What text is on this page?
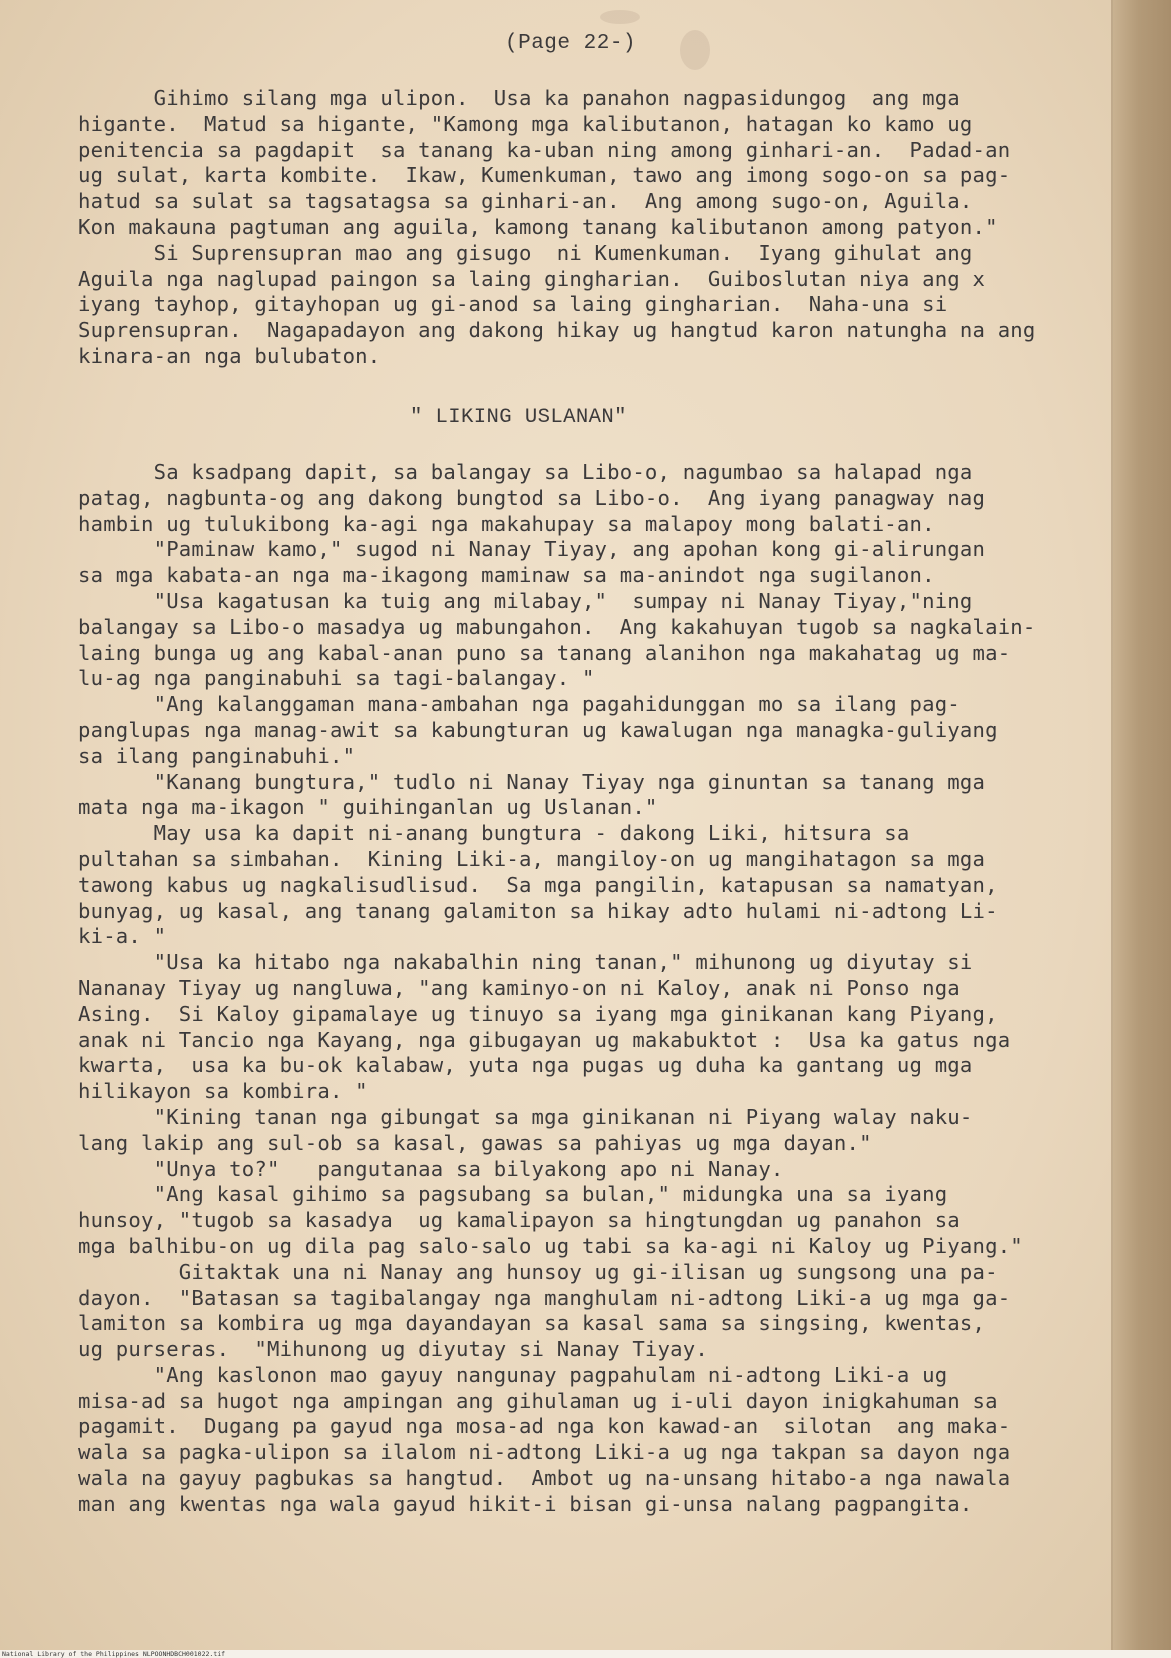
(Page 22-)
Gihimo silang mga ulipon.  Usa ka panahon nagpasidungog  ang mga
higante.  Matud sa higante, "Kamong mga kalibutanon, hatagan ko kamo ug
penitencia sa pagdapit  sa tanang ka-uban ning among ginhari-an.  Padad-an
ug sulat, karta kombite.  Ikaw, Kumenkuman, tawo ang imong sogo-on sa pag-
hatud sa sulat sa tagsatagsa sa ginhari-an.  Ang among sugo-on, Aguila.
Kon makauna pagtuman ang aguila, kamong tanang kalibutanon among patyon."
Si Suprensupran mao ang gisugo  ni Kumenkuman.  Iyang gihulat ang
Aguila nga naglupad paingon sa laing gingharian.  Guiboslutan niya ang x
iyang tayhop, gitayhopan ug gi-anod sa laing gingharian.  Naha-una si
Suprensupran.  Nagapadayon ang dakong hikay ug hangtud karon natungha na ang
kinara-an nga bulubaton.
" LIKING USLANAN"
Sa ksadpang dapit, sa balangay sa Libo-o, nagumbao sa halapad nga
patag, nagbunta-og ang dakong bungtod sa Libo-o.  Ang iyang panagway nag
hambin ug tulukibong ka-agi nga makahupay sa malapoy mong balati-an.
"Paminaw kamo," sugod ni Nanay Tiyay, ang apohan kong gi-alirungan
sa mga kabata-an nga ma-ikagong maminaw sa ma-anindot nga sugilanon.
"Usa kagatusan ka tuig ang milabay,"  sumpay ni Nanay Tiyay,"ning
balangay sa Libo-o masadya ug mabungahon.  Ang kakahuyan tugob sa nagkalain-
laing bunga ug ang kabal-anan puno sa tanang alanihon nga makahatag ug ma-
lu-ag nga panginabuhi sa tagi-balangay. "
"Ang kalanggaman mana-ambahan nga pagahidunggan mo sa ilang pag-
panglupas nga manag-awit sa kabungturan ug kawalugan nga managka-guliyang
sa ilang panginabuhi."
"Kanang bungtura," tudlo ni Nanay Tiyay nga ginuntan sa tanang mga
mata nga ma-ikagon " guihinganlan ug Uslanan."
May usa ka dapit ni-anang bungtura - dakong Liki, hitsura sa
pultahan sa simbahan.  Kining Liki-a, mangiloy-on ug mangihatagon sa mga
tawong kabus ug nagkalisudlisud.  Sa mga pangilin, katapusan sa namatyan,
bunyag, ug kasal, ang tanang galamiton sa hikay adto hulami ni-adtong Li-
ki-a. "
"Usa ka hitabo nga nakabalhin ning tanan," mihunong ug diyutay si
Nananay Tiyay ug nangluwa, "ang kaminyo-on ni Kaloy, anak ni Ponso nga
Asing.  Si Kaloy gipamalaye ug tinuyo sa iyang mga ginikanan kang Piyang,
anak ni Tancio nga Kayang, nga gibugayan ug makabuktot :  Usa ka gatus nga
kwarta,  usa ka bu-ok kalabaw, yuta nga pugas ug duha ka gantang ug mga
hilikayon sa kombira. "
"Kining tanan nga gibungat sa mga ginikanan ni Piyang walay naku-
lang lakip ang sul-ob sa kasal, gawas sa pahiyas ug mga dayan."
"Unya to?"   pangutanaa sa bilyakong apo ni Nanay.
"Ang kasal gihimo sa pagsubang sa bulan," midungka una sa iyang
hunsoy, "tugob sa kasadya  ug kamalipayon sa hingtungdan ug panahon sa
mga balhibu-on ug dila pag salo-salo ug tabi sa ka-agi ni Kaloy ug Piyang."
Gitaktak una ni Nanay ang hunsoy ug gi-ilisan ug sungsong una pa-
dayon.  "Batasan sa tagibalangay nga manghulam ni-adtong Liki-a ug mga ga-
lamiton sa kombira ug mga dayandayan sa kasal sama sa singsing, kwentas,
ug purseras.  "Mihunong ug diyutay si Nanay Tiyay.
"Ang kaslonon mao gayuy nangunay pagpahulam ni-adtong Liki-a ug
misa-ad sa hugot nga ampingan ang gihulaman ug i-uli dayon inigkahuman sa
pagamit.  Dugang pa gayud nga mosa-ad nga kon kawad-an  silotan  ang maka-
wala sa pagka-ulipon sa ilalom ni-adtong Liki-a ug nga takpan sa dayon nga
wala na gayuy pagbukas sa hangtud.  Ambot ug na-unsang hitabo-a nga nawala
man ang kwentas nga wala gayud hikit-i bisan gi-unsa nalang pagpangita.
National Library of the Philippines NLPOONHDBCH001022.tif
